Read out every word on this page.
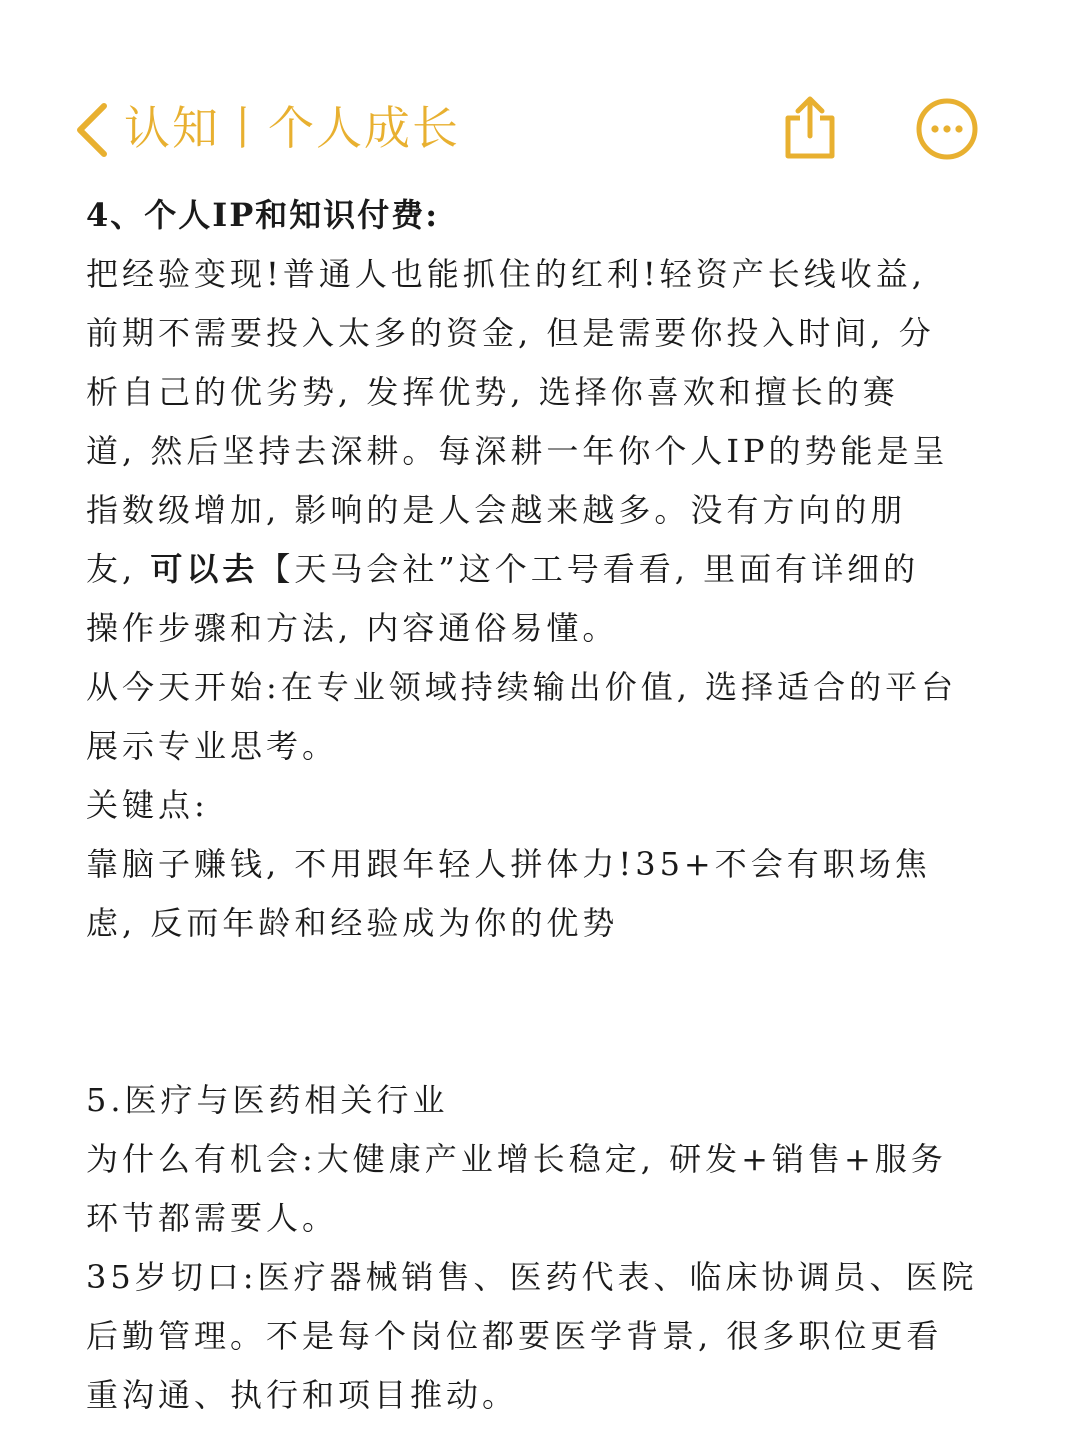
认知丨个人成长
4、个人IP和知识付费:
把经验变现!普通人也能抓住的红利!轻资产长线收益,
前期不需要投入太多的资金, 但是需要你投入时间, 分
析自己的优劣势, 发挥优势, 选择你喜欢和擅长的赛
道, 然后坚持去深耕。每深耕一年你个人IP的势能是呈
指数级增加, 影响的是人会越来越多。没有方向的朋
友, 可以去【天马会社”这个工号看看, 里面有详细的
操作步骤和方法, 内容通俗易懂。
从今天开始:在专业领域持续输出价值, 选择适合的平台
展示专业思考。
关键点:
靠脑子赚钱, 不用跟年轻人拼体力!35+不会有职场焦
虑, 反而年龄和经验成为你的优势
5.医疗与医药相关行业
为什么有机会:大健康产业增长稳定, 研发+销售+服务
环节都需要人。
35岁切口:医疗器械销售、医药代表、临床协调员、医院
后勤管理。不是每个岗位都要医学背景, 很多职位更看
重沟通、执行和项目推动。
